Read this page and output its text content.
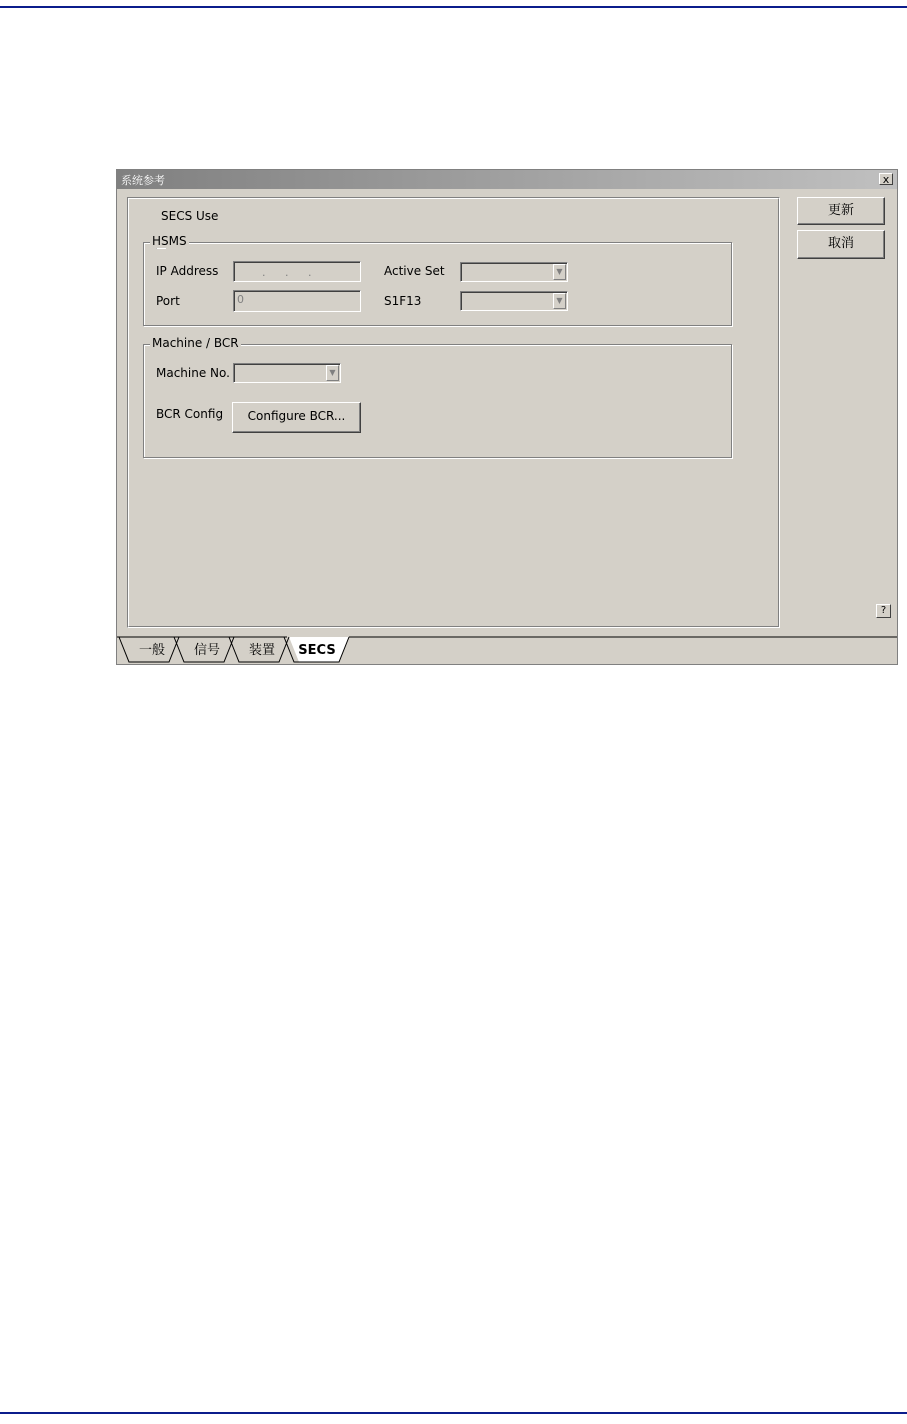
系统参考	x
SECS Use
HSMS
IP Address	. . .	Active Set	▼
Port	0	S1F13	▼
Machine / BCR
Machine No.	▼
BCR Config	Configure BCR...
更新
取消
?
一般 信号 装置 SECS
